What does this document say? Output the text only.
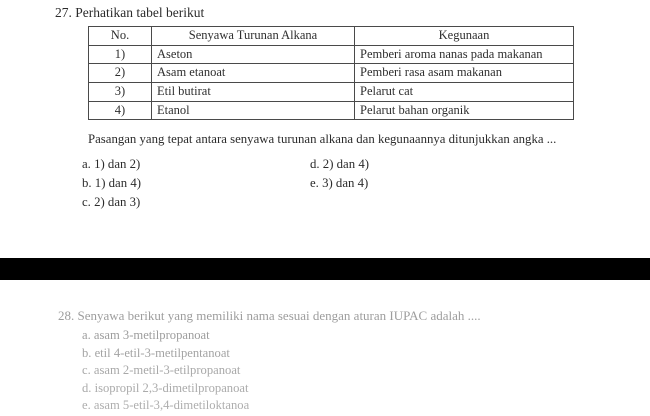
27. Perhatikan tabel berikut
No.	Senyawa Turunan Alkana	Kegunaan
1)	Aseton	Pemberi aroma nanas pada makanan
2)	Asam etanoat	Pemberi rasa asam makanan
3)	Etil butirat	Pelarut cat
4)	Etanol	Pelarut bahan organik
Pasangan yang tepat antara senyawa turunan alkana dan kegunaannya ditunjukkan angka ...
a. 1) dan 2)
b. 1) dan 4)
c. 2) dan 3)
d. 2) dan 4)
e. 3) dan 4)
28. Senyawa berikut yang memiliki nama sesuai dengan aturan IUPAC adalah ....
a. asam 3-metilpropanoat
b. etil 4-etil-3-metilpentanoat
c. asam 2-metil-3-etilpropanoat
d. isopropil 2,3-dimetilpropanoat
e. asam 5-etil-3,4-dimetiloktanoa
